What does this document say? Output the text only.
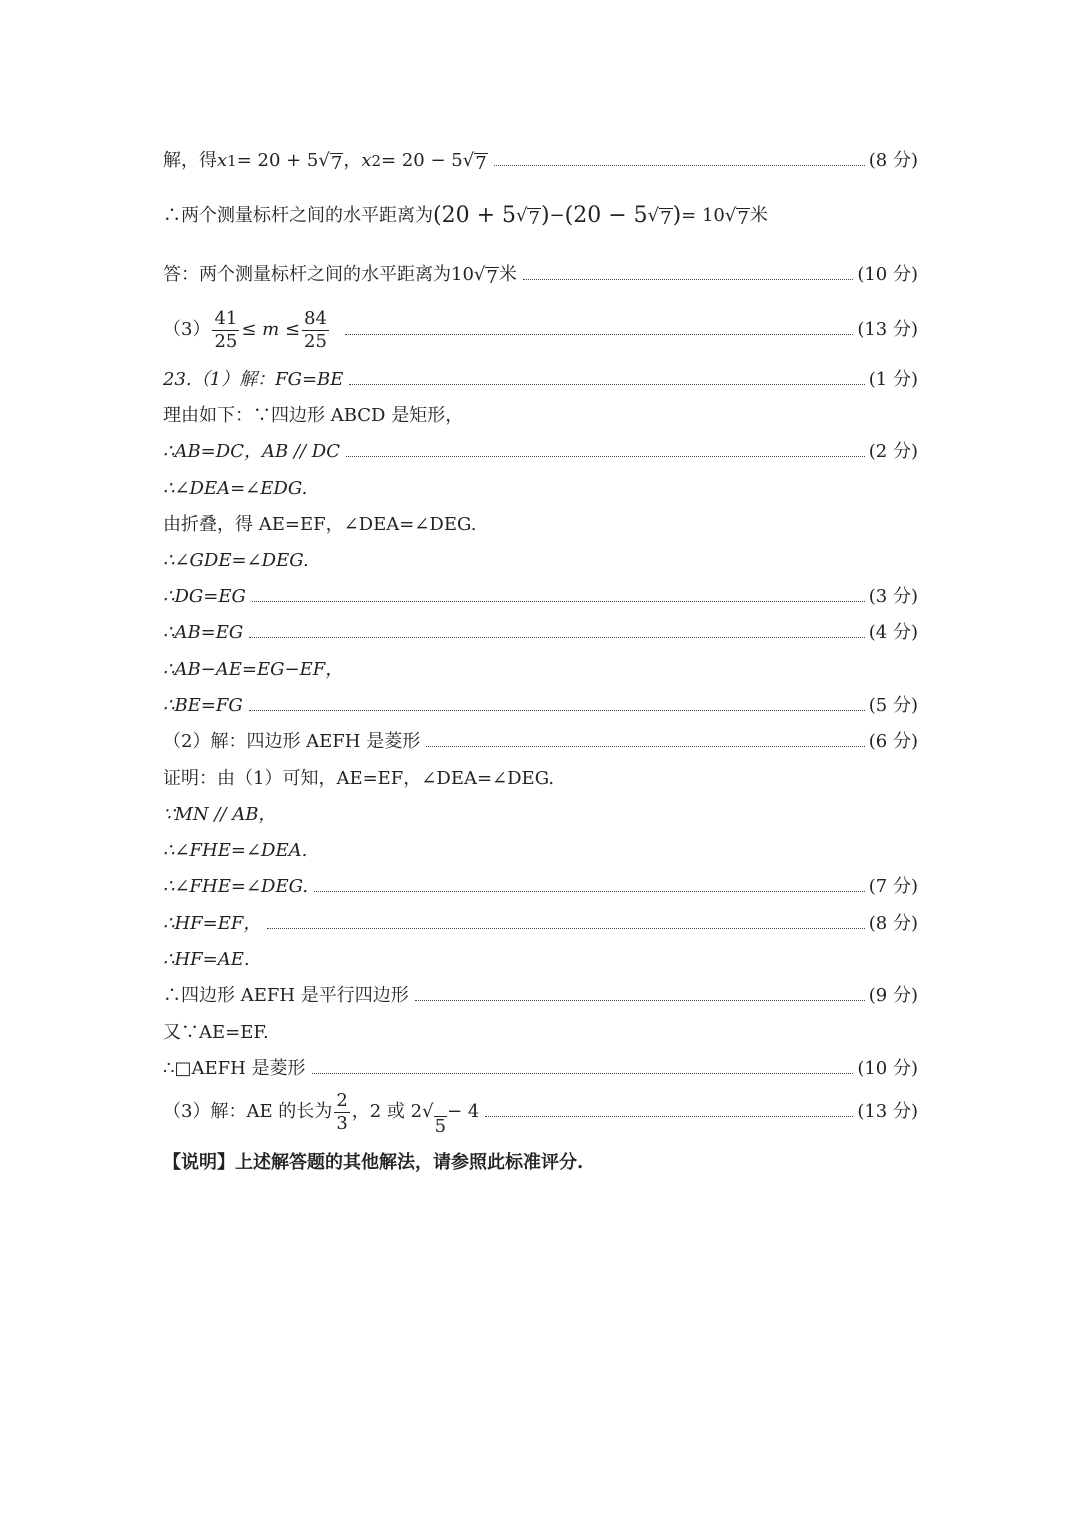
解，得 x 1 = 20 + 5 √ 7 ， x 2 = 20 − 5 √ 7	(8 分)
∴两个测量标杆之间的水平距离为 (20 + 5 √ 7 ) − (20 − 5 √ 7 ) = 10 √ 7 米
答：两个测量标杆之间的水平距离为10 √ 7 米	(10 分)
$(3) \frac{41}{25} \le m \le \frac{84}{25}$	(13 分)
23.（1）解：FG=BE	(1 分)
理由如下：∵四边形 ABCD 是矩形，
∴AB=DC，AB // DC	(2 分)
∴∠DEA=∠EDG.
由折叠，得 AE=EF，∠DEA=∠DEG.
∴∠GDE=∠DEG.
∴DG=EG	(3 分)
∴AB=EG	(4 分)
∴AB−AE=EG−EF，
∴BE=FG	(5 分)
（2）解：四边形 AEFH 是菱形	(6 分)
证明：由（1）可知，AE=EF，∠DEA=∠DEG.
∵MN // AB，
∴∠FHE=∠DEA.
∴∠FHE=∠DEG.	(7 分)
∴HF=EF，	(8 分)
∴HF=AE.
∴四边形 AEFH 是平行四边形	(9 分)
又∵AE=EF.
∴□AEFH 是菱形	(10 分)
（3）解：AE 的长为 $\frac{2}{3}$ ，2 或 2 √
5
− 4	(13 分)
【说明】上述解答题的其他解法，请参照此标准评分.
